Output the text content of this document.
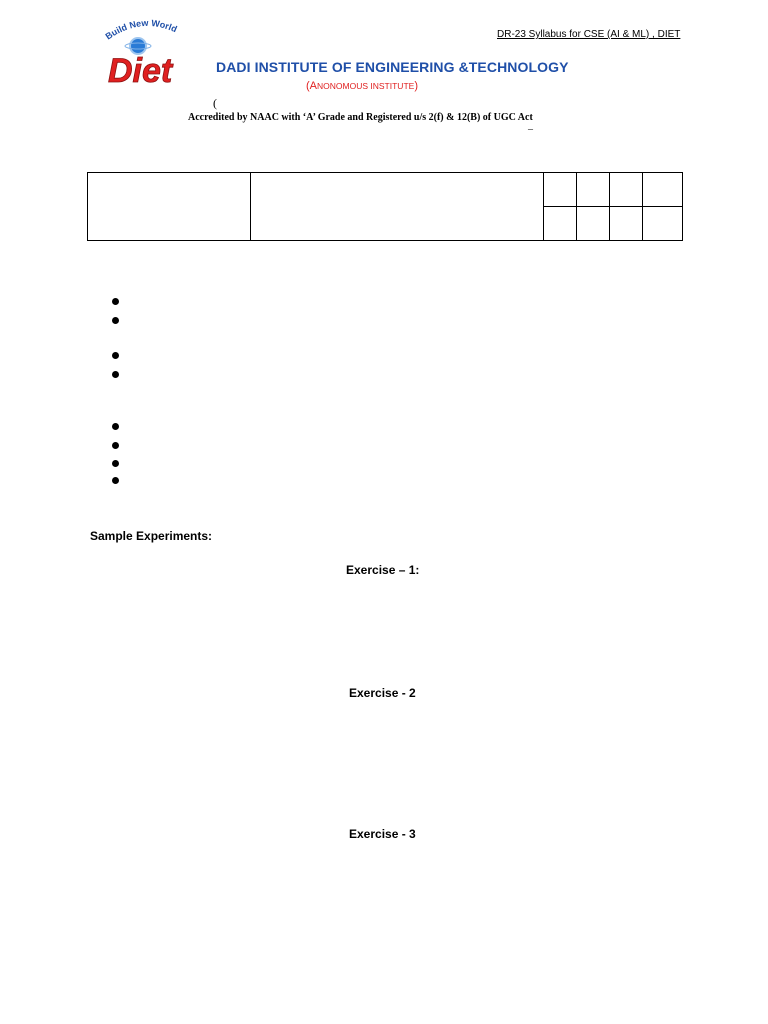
DR-23 Syllabus for CSE (AI & ML) , DIET
Build New World
Diet	DADI INSTITUTE OF ENGINEERING &TECHNOLOGY
(ANONOMOUS INSTITUTE)
(
Accredited by NAAC with ‘A’ Grade and Registered u/s 2(f) & 12(B) of UGC Act
–

Sample Experiments:
Exercise – 1:
Exercise - 2
Exercise - 3
